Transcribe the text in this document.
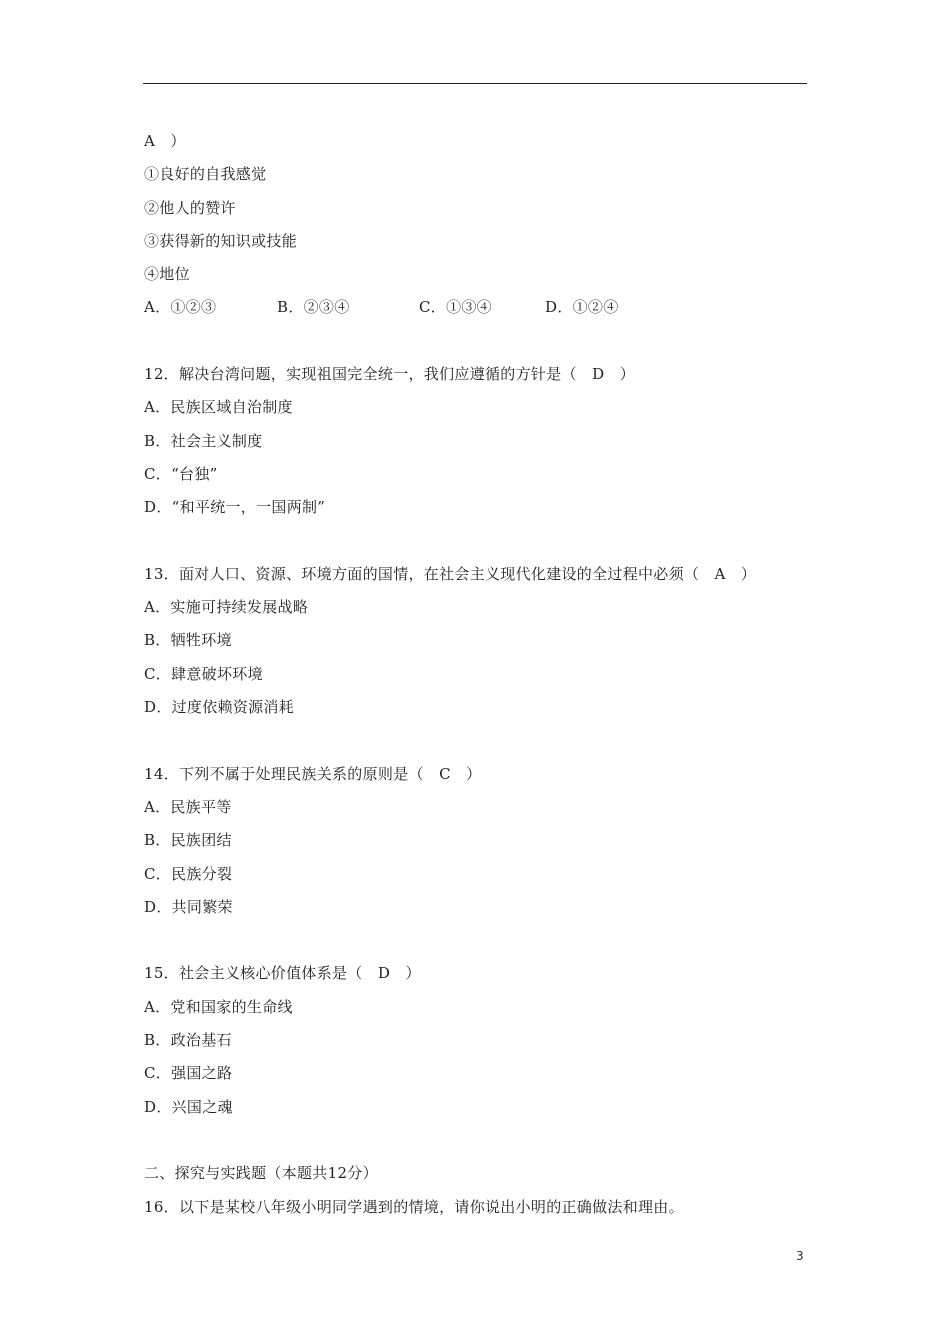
A　）
①良好的自我感觉
②他人的赞许
③获得新的知识或技能
④地位
A．①②③	B．②③④	C．①③④	D．①②④
12．解决台湾问题，实现祖国完全统一，我们应遵循的方针是（　D　）
A．民族区域自治制度
B．社会主义制度
C．“台独”
D．“和平统一，一国两制”
13．面对人口、资源、环境方面的国情，在社会主义现代化建设的全过程中必须（　A　）
A．实施可持续发展战略
B．牺牲环境
C．肆意破坏环境
D．过度依赖资源消耗
14．下列不属于处理民族关系的原则是（　C　）
A．民族平等
B．民族团结
C．民族分裂
D．共同繁荣
15．社会主义核心价值体系是（　D　）
A．党和国家的生命线
B．政治基石
C．强国之路
D．兴国之魂
二、探究与实践题（本题共12分）
16．以下是某校八年级小明同学遇到的情境，请你说出小明的正确做法和理由。
3
